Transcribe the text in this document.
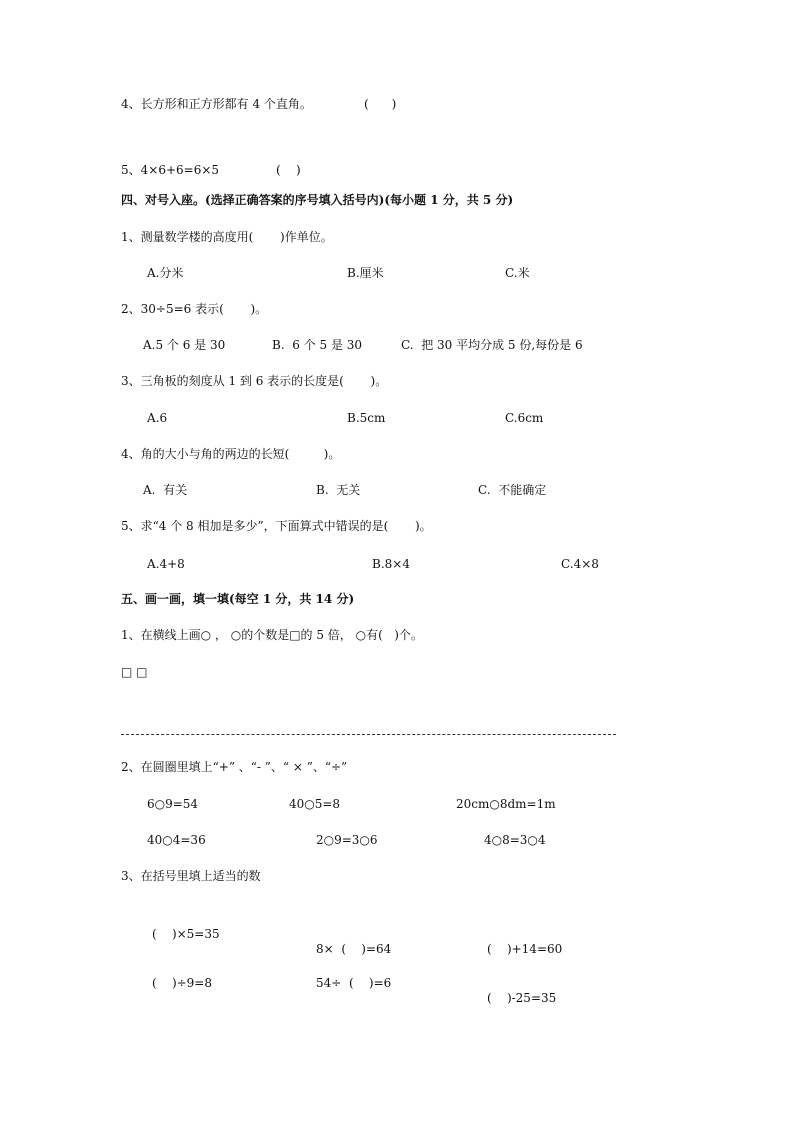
4、长方形和正方形都有 4 个直角。	(      )
5、4×6+6=6×5	(    )
四、对号入座。(选择正确答案的序号填入括号内)(每小题 1 分，共 5 分)
1、测量数学楼的高度用(       )作单位。
A.分米	B.厘米	C.米
2、30÷5=6 表示(       )。
A.5 个 6 是 30	B.  6 个 5 是 30	C.  把 30 平均分成 5 份,每份是 6
3、三角板的刻度从 1 到 6 表示的长度是(       )。
A.6	B.5cm	C.6cm
4、角的大小与角的两边的长短(         )。
A.  有关	B.  无关	C.  不能确定
5、求“4 个 8 相加是多少”，下面算式中错误的是(       )。
A.4+8	B.8×4	C.4×8
五、画一画，填一填(每空 1 分，共 14 分)
1、在横线上画○ ， ○的个数是□的 5 倍， ○有(   )个。
□ □
2、在圆圈里填上“+” 、“- ”、“ × ”、“÷”
6○9=54	40○5=8	20cm○8dm=1m
40○4=36	2○9=3○6	4○8=3○4
3、在括号里填上适当的数
(    )×5=35
8×  (    )=64	(    )+14=60
(    )÷9=8	54÷  (    )=6
(    )-25=35
